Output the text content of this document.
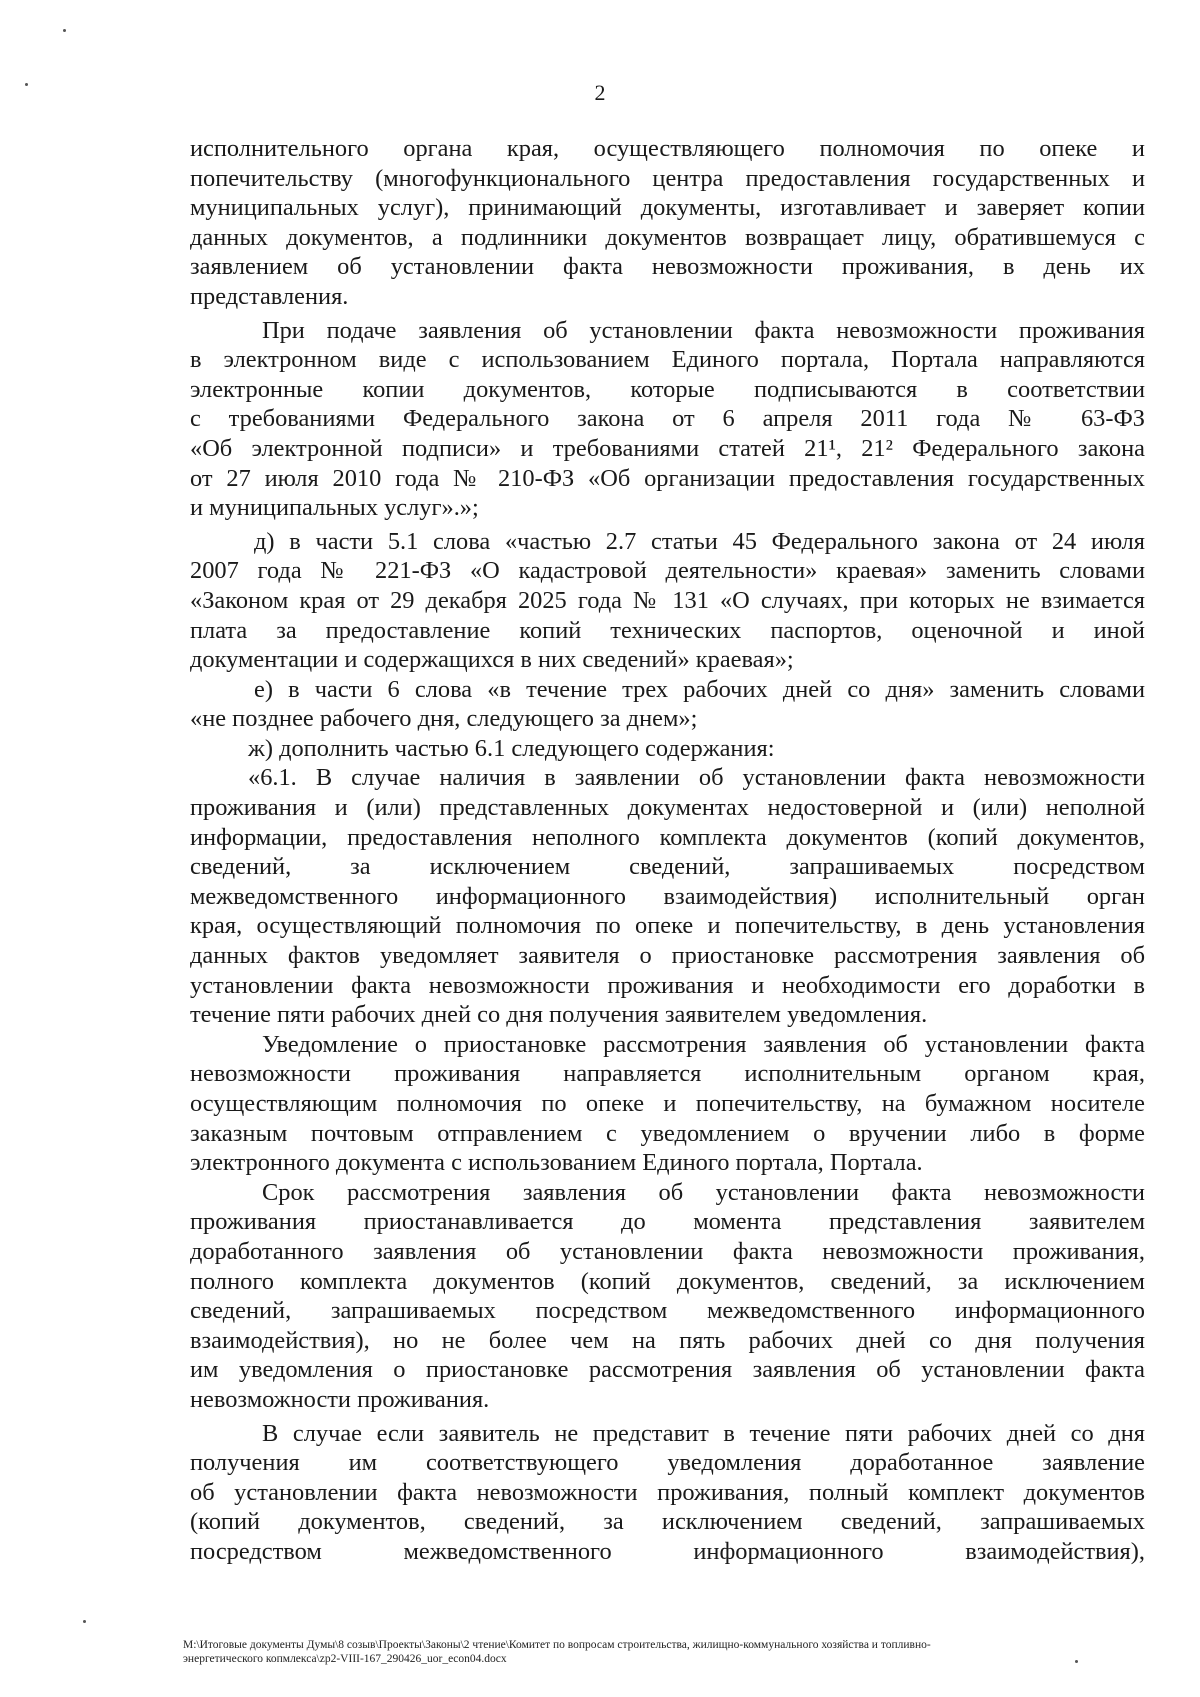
2
исполнительного органа края, осуществляющего полномочия по опеке и
попечительству (многофункционального центра предоставления государственных и
муниципальных услуг), принимающий документы, изготавливает и заверяет копии
данных документов, а подлинники документов возвращает лицу, обратившемуся с
заявлением об установлении факта невозможности проживания, в день их
представления.
При подаче заявления об установлении факта невозможности проживания
в электронном виде с использованием Единого портала, Портала направляются
электронные копии документов, которые подписываются в соответствии
с требованиями Федерального закона от 6 апреля 2011 года № 63-ФЗ
«Об электронной подписи» и требованиями статей 21¹, 21² Федерального закона
от 27 июля 2010 года № 210-ФЗ «Об организации предоставления государственных
и муниципальных услуг».»;
д) в части 5.1 слова «частью 2.7 статьи 45 Федерального закона от 24 июля
2007 года № 221-ФЗ «О кадастровой деятельности» краевая» заменить словами
«Законом края от 29 декабря 2025 года № 131 «О случаях, при которых не взимается
плата за предоставление копий технических паспортов, оценочной и иной
документации и содержащихся в них сведений» краевая»;
е) в части 6 слова «в течение трех рабочих дней со дня» заменить словами
«не позднее рабочего дня, следующего за днем»;
ж) дополнить частью 6.1 следующего содержания:
«6.1. В случае наличия в заявлении об установлении факта невозможности
проживания и (или) представленных документах недостоверной и (или) неполной
информации, предоставления неполного комплекта документов (копий документов,
сведений, за исключением сведений, запрашиваемых посредством
межведомственного информационного взаимодействия) исполнительный орган
края, осуществляющий полномочия по опеке и попечительству, в день установления
данных фактов уведомляет заявителя о приостановке рассмотрения заявления об
установлении факта невозможности проживания и необходимости его доработки в
течение пяти рабочих дней со дня получения заявителем уведомления.
Уведомление о приостановке рассмотрения заявления об установлении факта
невозможности проживания направляется исполнительным органом края,
осуществляющим полномочия по опеке и попечительству, на бумажном носителе
заказным почтовым отправлением с уведомлением о вручении либо в форме
электронного документа с использованием Единого портала, Портала.
Срок рассмотрения заявления об установлении факта невозможности
проживания приостанавливается до момента представления заявителем
доработанного заявления об установлении факта невозможности проживания,
полного комплекта документов (копий документов, сведений, за исключением
сведений, запрашиваемых посредством межведомственного информационного
взаимодействия), но не более чем на пять рабочих дней со дня получения
им уведомления о приостановке рассмотрения заявления об установлении факта
невозможности проживания.
В случае если заявитель не представит в течение пяти рабочих дней со дня
получения им соответствующего уведомления доработанное заявление
об установлении факта невозможности проживания, полный комплект документов
(копий документов, сведений, за исключением сведений, запрашиваемых
посредством межведомственного информационного взаимодействия),
M:\Итоговые документы Думы\8 созыв\Проекты\Законы\2 чтение\Комитет по вопросам строительства, жилищно-коммунального хозяйства и топливно-
энергетического копмлекса\zp2-VIII-167_290426_uor_econ04.docx
